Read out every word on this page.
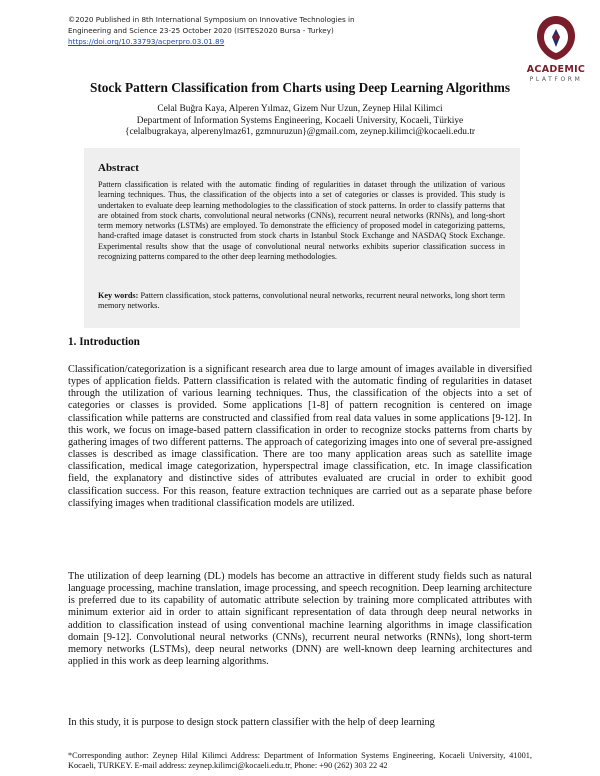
©2020 Published in 8th International Symposium on Innovative Technologies in
Engineering and Science 23-25 October 2020 (ISITES2020 Bursa - Turkey)
https://doi.org/10.33793/acperpro.03.01.89
ACADEMIC
PLATFORM
Stock Pattern Classification from Charts using Deep Learning Algorithms
Celal Buğra Kaya, Alperen Yılmaz, Gizem Nur Uzun, Zeynep Hilal Kilimci
Department of Information Systems Engineering, Kocaeli University, Kocaeli, Türkiye
{celalbugrakaya, alperenylmaz61, gzmnuruzun}@gmail.com, zeynep.kilimci@kocaeli.edu.tr
Abstract
Pattern classification is related with the automatic finding of regularities in dataset through the utilization of various learning techniques. Thus, the classification of the objects into a set of categories or classes is provided. This study is undertaken to evaluate deep learning methodologies to the classification of stock patterns. In order to classify patterns that are obtained from stock charts, convolutional neural networks (CNNs), recurrent neural networks (RNNs), and long-short term memory networks (LSTMs) are employed. To demonstrate the efficiency of proposed model in categorizing patterns, hand-crafted image dataset is constructed from stock charts in Istanbul Stock Exchange and NASDAQ Stock Exchange. Experimental results show that the usage of convolutional neural networks exhibits superior classification success in recognizing patterns compared to the other deep learning methodologies.
Key words: Pattern classification, stock patterns, convolutional neural networks, recurrent neural networks, long short term memory networks.
1. Introduction
Classification/categorization is a significant research area due to large amount of images available in diversified types of application fields. Pattern classification is related with the automatic finding of regularities in dataset through the utilization of various learning techniques. Thus, the classification of the objects into a set of categories or classes is provided. Some applications [1-8] of pattern recognition is centered on image classification while patterns are constructed and classified from real data values in some applications [9-12]. In this work, we focus on image-based pattern classification in order to recognize stocks patterns from charts by gathering images of two different patterns. The approach of categorizing images into one of several pre-assigned classes is described as image classification. There are too many application areas such as satellite image classification, medical image categorization, hyperspectral image classification, etc. In image classification field, the explanatory and distinctive sides of attributes evaluated are crucial in order to exhibit good classification success. For this reason, feature extraction techniques are carried out as a separate phase before classifying images when traditional classification models are utilized.
The utilization of deep learning (DL) models has become an attractive in different study fields such as natural language processing, machine translation, image processing, and speech recognition. Deep learning architecture is preferred due to its capability of automatic attribute selection by training more complicated attributes with minimum exterior aid in order to attain significant representation of data through deep neural networks in addition to classification instead of using conventional machine learning algorithms in image classification domain [9-12]. Convolutional neural networks (CNNs), recurrent neural networks (RNNs), long short-term memory networks (LSTMs), deep neural networks (DNN) are well-known deep learning architectures and applied in this work as deep learning algorithms.
In this study, it is purpose to design stock pattern classifier with the help of deep learning
*Corresponding author: Zeynep Hilal Kilimci Address: Department of Information Systems Engineering, Kocaeli University, 41001, Kocaeli, TURKEY. E-mail address: zeynep.kilimci@kocaeli.edu.tr, Phone: +90 (262) 303 22 42
